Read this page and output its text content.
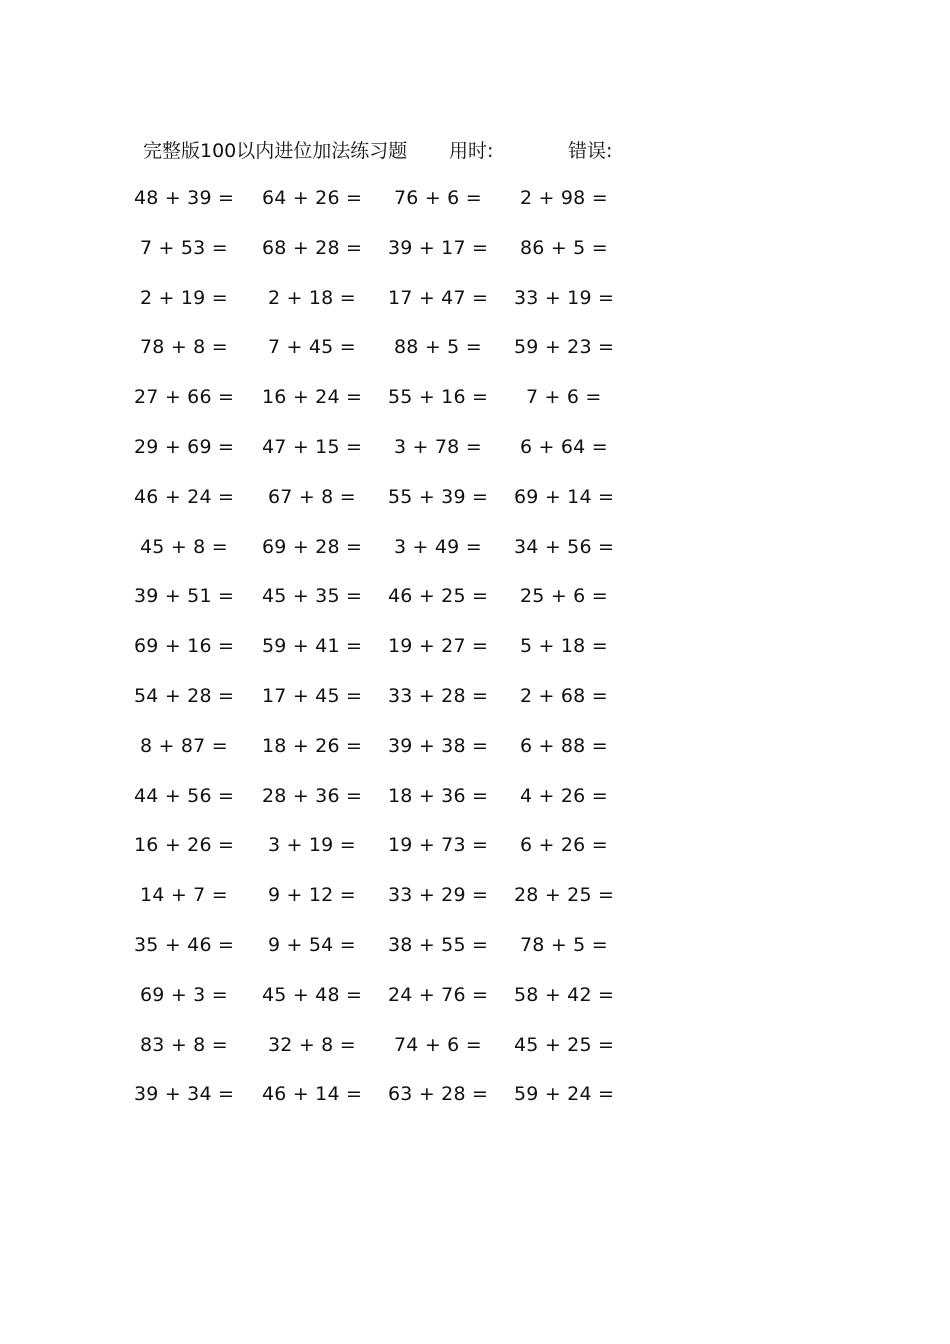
完整版100以内进位加法练习题 用时:	错误:
48 + 39 = 64 + 26 = 76 + 6 = 2 + 98 =
7 + 53 = 68 + 28 = 39 + 17 = 86 + 5 =
2 + 19 = 2 + 18 = 17 + 47 = 33 + 19 =
78 + 8 = 7 + 45 = 88 + 5 = 59 + 23 =
27 + 66 = 16 + 24 = 55 + 16 = 7 + 6 =
29 + 69 = 47 + 15 = 3 + 78 = 6 + 64 =
46 + 24 = 67 + 8 = 55 + 39 = 69 + 14 =
45 + 8 = 69 + 28 = 3 + 49 = 34 + 56 =
39 + 51 = 45 + 35 = 46 + 25 = 25 + 6 =
69 + 16 = 59 + 41 = 19 + 27 = 5 + 18 =
54 + 28 = 17 + 45 = 33 + 28 = 2 + 68 =
8 + 87 = 18 + 26 = 39 + 38 = 6 + 88 =
44 + 56 = 28 + 36 = 18 + 36 = 4 + 26 =
16 + 26 = 3 + 19 = 19 + 73 = 6 + 26 =
14 + 7 = 9 + 12 = 33 + 29 = 28 + 25 =
35 + 46 = 9 + 54 = 38 + 55 = 78 + 5 =
69 + 3 = 45 + 48 = 24 + 76 = 58 + 42 =
83 + 8 = 32 + 8 = 74 + 6 = 45 + 25 =
39 + 34 = 46 + 14 = 63 + 28 = 59 + 24 =
